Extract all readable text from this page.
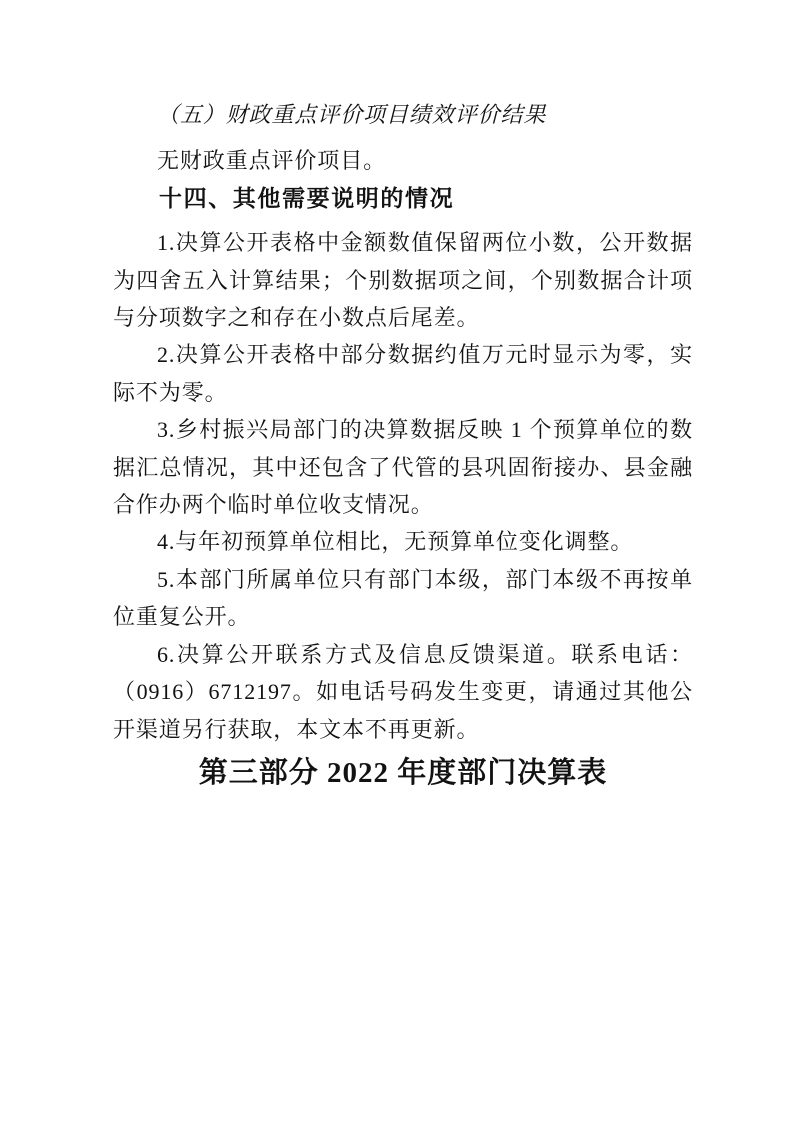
（五）财政重点评价项目绩效评价结果

无财政重点评价项目。

十四、其他需要说明的情况

1.决算公开表格中金额数值保留两位小数，公开数据为四舍五入计算结果；个别数据项之间，个别数据合计项与分项数字之和存在小数点后尾差。

2.决算公开表格中部分数据约值万元时显示为零，实际不为零。

3.乡村振兴局部门的决算数据反映 1 个预算单位的数据汇总情况，其中还包含了代管的县巩固衔接办、县金融合作办两个临时单位收支情况。

4.与年初预算单位相比，无预算单位变化调整。

5.本部门所属单位只有部门本级，部门本级不再按单位重复公开。

6.决算公开联系方式及信息反馈渠道。联系电话：（0916）6712197。如电话号码发生变更，请通过其他公开渠道另行获取，本文本不再更新。

第三部分 2022 年度部门决算表
